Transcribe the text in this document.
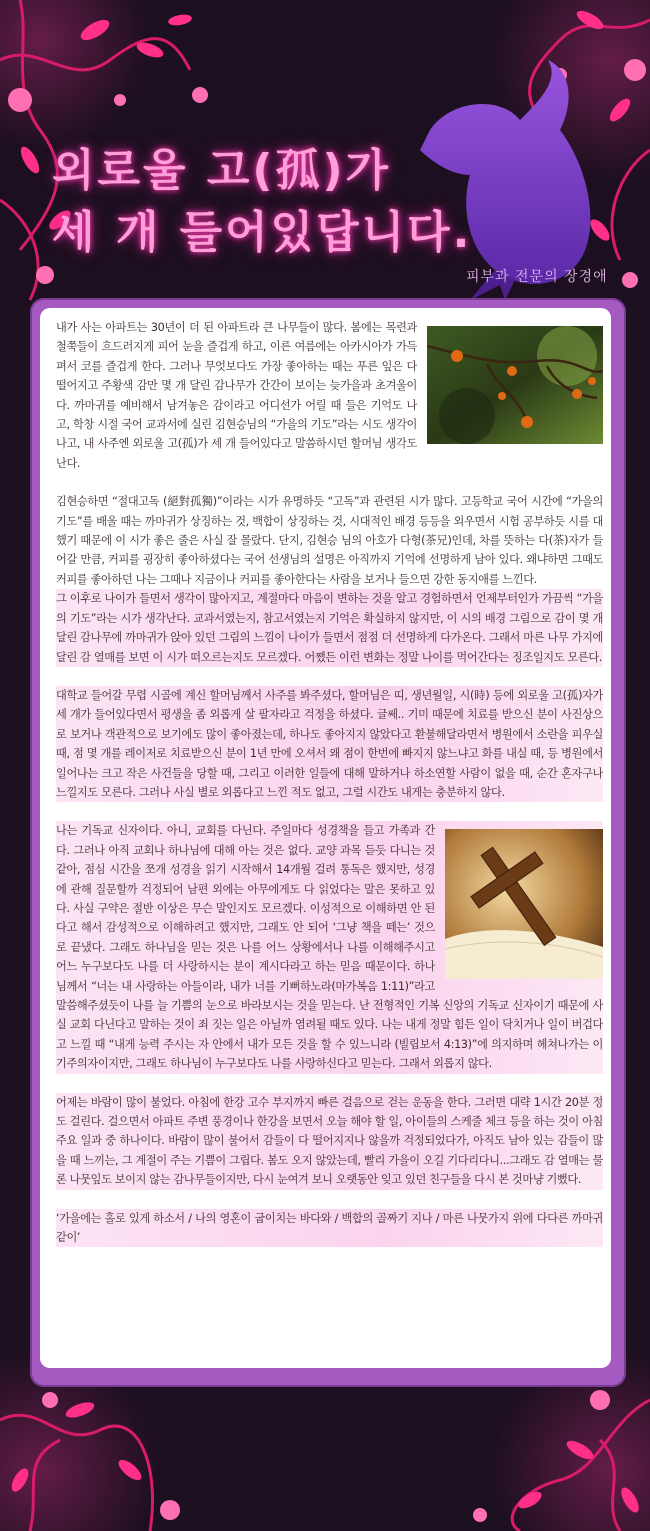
외로울 고(孤)가
세 개 들어있답니다.
피부과 전문의 장경애

내가 사는 아파트는 30년이 더 된 아파트라 큰 나무들이 많다. 봄에는 목련과 철쭉들이 흐드러지게 피어 눈을 즐겁게 하고, 이른 여름에는 아카시아가 가득 펴서 코를 즐겁게 한다. 그러나 무엇보다도 가장 좋아하는 때는 푸른 잎은 다 떨어지고 주황색 감만 몇 개 달린 감나무가 간간이 보이는 늦가을과 초겨울이다. 까마귀를 예비해서 남겨놓은 감이라고 어디선가 어릴 때 들은 기억도 나고, 학창 시절 국어 교과서에 실린 김현승님의 “가을의 기도”라는 시도 생각이 나고, 내 사주엔 외로울 고(孤)가 세 개 들어있다고 말씀하시던 할머님 생각도 난다.

김현승하면 “절대고독 (絕對孤獨)”이라는 시가 유명하듯 “고독”과 관련된 시가 많다. 고등학교 국어 시간에 “가을의 기도”를 배울 때는 까마귀가 상징하는 것, 백합이 상징하는 것, 시대적인 배경 등등을 외우면서 시험 공부하듯 시를 대했기 때문에 이 시가 좋은 줄은 사실 잘 몰랐다. 단지, 김현승 님의 아호가 다형(茶兄)인데, 차를 뜻하는 다(茶)자가 들어갈 만큼, 커피를 굉장히 좋아하셨다는 국어 선생님의 설명은 아직까지 기억에 선명하게 남아 있다. 왜냐하면 그때도 커피를 좋아하던 나는 그때나 지금이나 커피를 좋아한다는 사람을 보거나 들으면 강한 동지애를 느낀다.

그 이후로 나이가 들면서 생각이 많아지고, 계절마다 마음이 변하는 것을 알고 경험하면서 언제부터인가 가끔씩 “가을의 기도”라는 시가 생각난다. 교과서였는지, 참고서였는지 기억은 확실하지 않지만, 이 시의 배경 그림으로 감이 몇 개 달린 감나무에 까마귀가 앉아 있던 그림의 느낌이 나이가 들면서 점점 더 선명하게 다가온다. 그래서 마른 나무 가지에 달린 감 열매를 보면 이 시가 떠오르는지도 모르겠다. 어쨌든 이런 변화는 정말 나이를 먹어간다는 징조일지도 모른다.

대학교 들어갈 무렵 시골에 계신 할머님께서 사주를 봐주셨다, 할머님은 띠, 생년월일, 시(時) 등에 외로울 고(孤)자가 세 개가 들어있다면서 평생을 좀 외롭게 살 팔자라고 걱정을 하셨다. 글쎄.. 기미 때문에 치료를 받으신 분이 사진상으로 보거나 객관적으로 보기에도 많이 좋아졌는데, 하나도 좋아지지 않았다고 환불해달라면서 병원에서 소란을 피우실 때, 점 몇 개를 레이저로 치료받으신 분이 1년 만에 오셔서 왜 점이 한번에 빠지지 않느냐고 화를 내실 때, 등 병원에서 일어나는 크고 작은 사건들을 당할 때, 그리고 이러한 일들에 대해 말하거나 하소연할 사람이 없을 때, 순간 혼자구나 느낄지도 모른다. 그러나 사실 별로 외롭다고 느낀 적도 없고, 그럴 시간도 내게는 충분하지 않다.

나는 기독교 신자이다. 아니, 교회를 다닌다. 주일마다 성경책을 들고 가족과 간다. 그러나 아직 교회나 하나님에 대해 아는 것은 없다. 교양 과목 듣듯 다니는 것 같아, 점심 시간을 쪼개 성경을 읽기 시작해서 14개월 걸려 통독은 했지만, 성경에 관해 질문할까 걱정되어 남편 외에는 아무에게도 다 읽었다는 말은 못하고 있다. 사실 구약은 절반 이상은 무슨 말인지도 모르겠다. 이성적으로 이해하면 안 된다고 해서 감성적으로 이해하려고 했지만, 그래도 안 되어 ‘그냥 책을 떼는’ 것으로 끝냈다. 그래도 하나님을 믿는 것은 나를 어느 상황에서나 나를 이해해주시고 어느 누구보다도 나를 더 사랑하시는 분이 계시다라고 하는 믿음 때문이다. 하나님께서 “너는 내 사랑하는 아들이라, 내가 너를 기뻐하노라(마가복음 1:11)”라고 말씀해주셨듯이 나를 늘 기쁨의 눈으로 바라보시는 것을 믿는다. 난 전형적인 기복 신앙의 기독교 신자이기 때문에 사실 교회 다닌다고 말하는 것이 죄 짓는 일은 아닐까 염려될 때도 있다. 나는 내게 정말 힘든 일이 닥치거나 일이 버겁다고 느낄 때 “내게 능력 주시는 자 안에서 내가 모든 것을 할 수 있느니라 (빌립보서 4:13)”에 의지하며 헤쳐나가는 이기주의자이지만, 그래도 하나님이 누구보다도 나를 사랑하신다고 믿는다. 그래서 외롭지 않다.

어제는 바람이 많이 불었다. 아침에 한강 고수 부지까지 빠른 걸음으로 걷는 운동을 한다. 그러면 대략 1시간 20분 정도 걸린다. 걸으면서 아파트 주변 풍경이나 한강을 보면서 오늘 해야 할 일, 아이들의 스케줄 체크 등을 하는 것이 아침 주요 일과 중 하나이다. 바람이 많이 불어서 감들이 다 떨어지지나 않을까 걱정되었다가, 아직도 남아 있는 감들이 많을 때 느끼는, 그 계절이 주는 기쁨이 그립다. 봄도 오지 않았는데, 빨리 가을이 오길 기다리다니...그래도 감 열매는 물론 나뭇잎도 보이지 않는 감나무들이지만, 다시 눈여겨 보니 오랫동안 잊고 있던 친구들을 다시 본 것마냥 기뻤다.

‘가을에는 홀로 있게 하소서 / 나의 영혼이 굽이치는 바다와 / 백합의 골짜기 지나 / 마른 나뭇가지 위에 다다른 까마귀같이’
